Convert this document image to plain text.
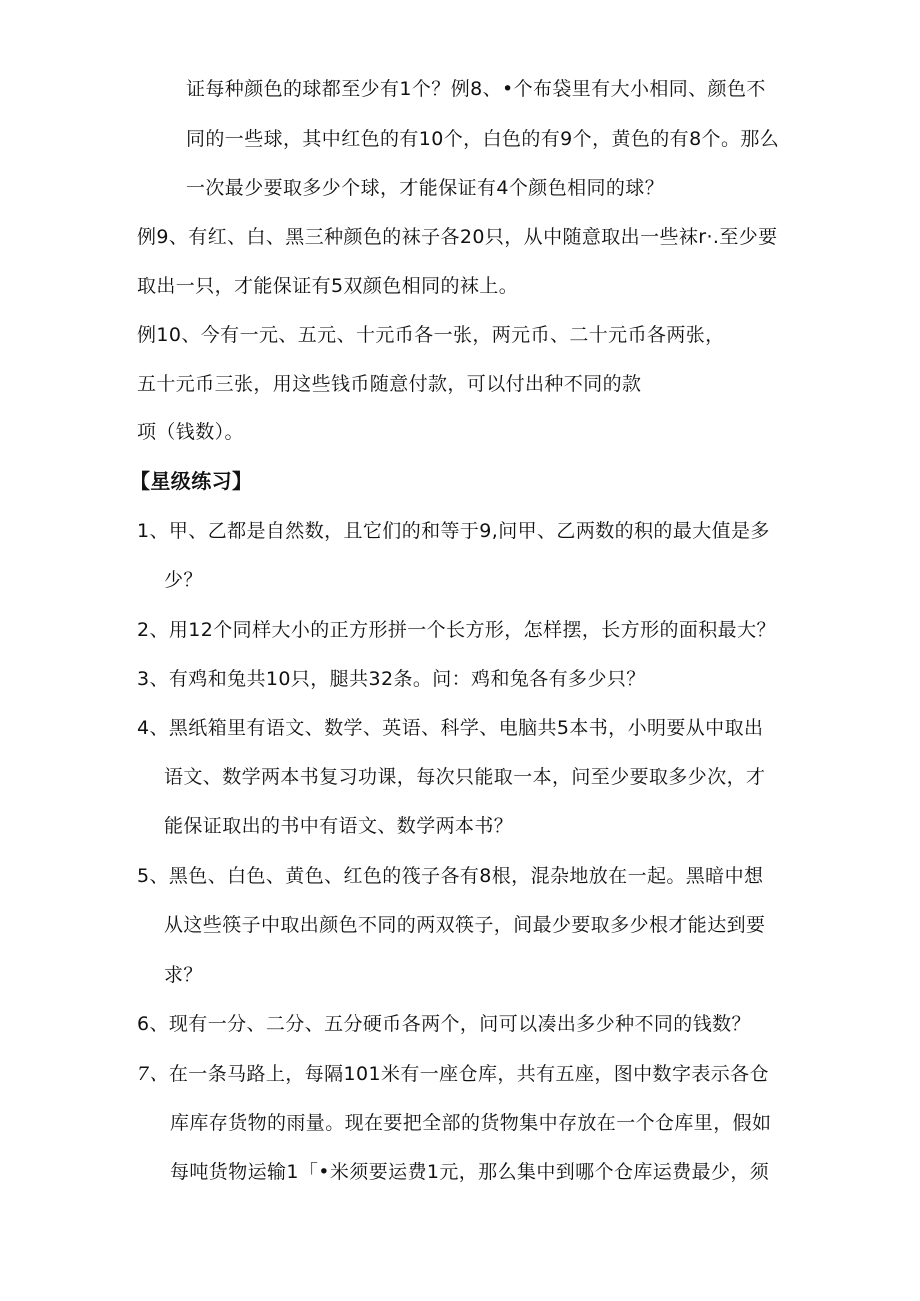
证每种颜色的球都至少有1个？例8、•个布袋里有大小相同、颜色不
同的一些球，其中红色的有10个，白色的有9个，黄色的有8个。那么
一次最少要取多少个球，才能保证有4个颜色相同的球？
例9、有红、白、黑三种颜色的袜子各20只，从中随意取出一些袜r·.至少要
取出一只，才能保证有5双颜色相同的袜上。
例10、今有一元、五元、十元币各一张，两元币、二十元币各两张，
五十元币三张，用这些钱币随意付款，可以付出种不同的款
项（钱数）。
【星级练习】
1、甲、乙都是自然数，且它们的和等于9,问甲、乙两数的积的最大值是多
少？
2、用12个同样大小的正方形拼一个长方形，怎样摆，长方形的面积最大？
3、有鸡和兔共10只，腿共32条。问：鸡和兔各有多少只？
4、黑纸箱里有语文、数学、英语、科学、电脑共5本书，小明要从中取出
语文、数学两本书复习功课，每次只能取一本，问至少要取多少次，才
能保证取出的书中有语文、数学两本书？
5、黑色、白色、黄色、红色的筏子各有8根，混杂地放在一起。黑暗中想
从这些筷子中取出颜色不同的两双筷子，间最少要取多少根才能达到要
求？
6、现有一分、二分、五分硬币各两个，问可以凑出多少种不同的钱数？
7、在一条马路上，每隔101米有一座仓库，共有五座，图中数字表示各仓
库库存货物的雨量。现在要把全部的货物集中存放在一个仓库里，假如
每吨货物运输1「•米须要运费1元，那么集中到哪个仓库运费最少，须
